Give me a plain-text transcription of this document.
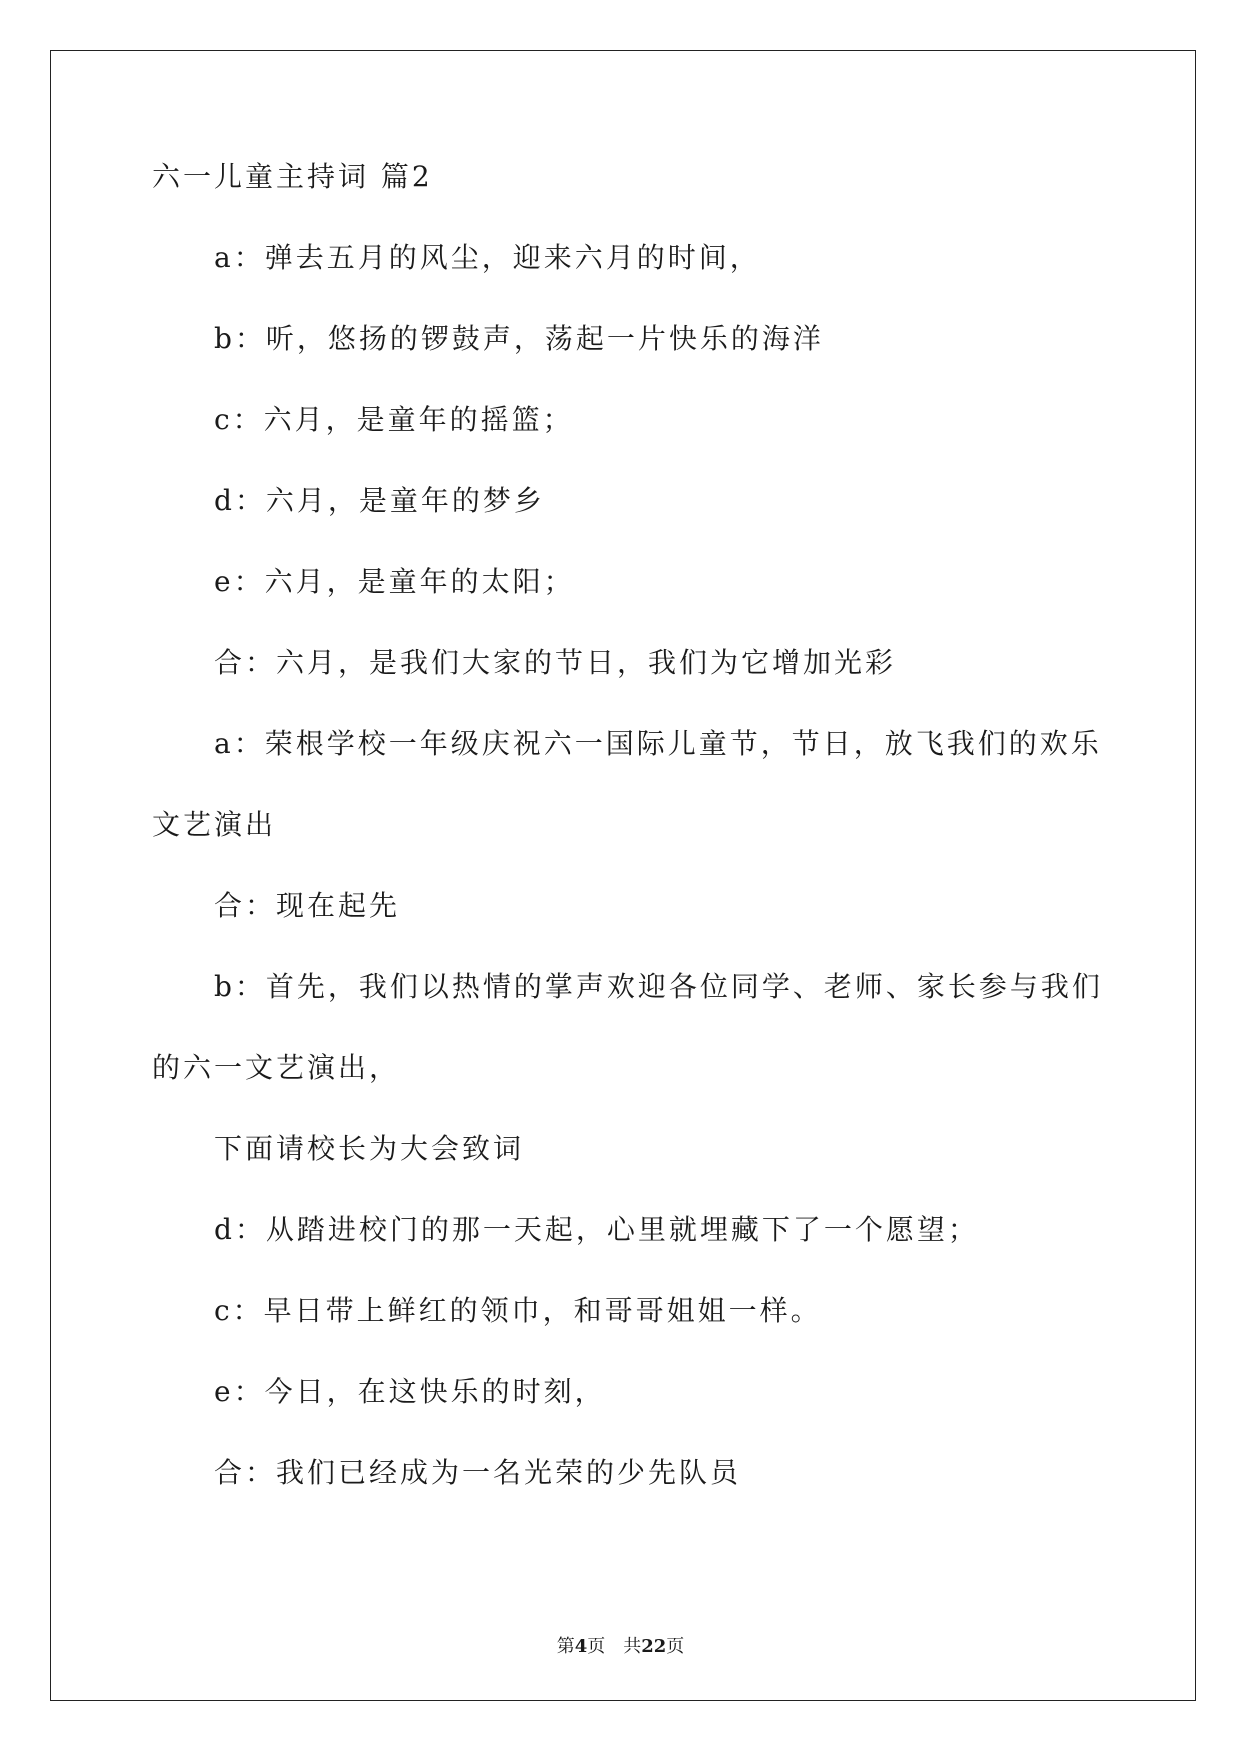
六一儿童主持词 篇2
a：弹去五月的风尘，迎来六月的时间，
b：听，悠扬的锣鼓声，荡起一片快乐的海洋
c：六月，是童年的摇篮；
d：六月，是童年的梦乡
e：六月，是童年的太阳；
合：六月，是我们大家的节日，我们为它增加光彩
a：荣根学校一年级庆祝六一国际儿童节，节日，放飞我们的欢乐
文艺演出
合：现在起先
b：首先，我们以热情的掌声欢迎各位同学、老师、家长参与我们
的六一文艺演出，
下面请校长为大会致词
d：从踏进校门的那一天起，心里就埋藏下了一个愿望；
c：早日带上鲜红的领巾，和哥哥姐姐一样。
e：今日，在这快乐的时刻，
合：我们已经成为一名光荣的少先队员
第4页　共22页
